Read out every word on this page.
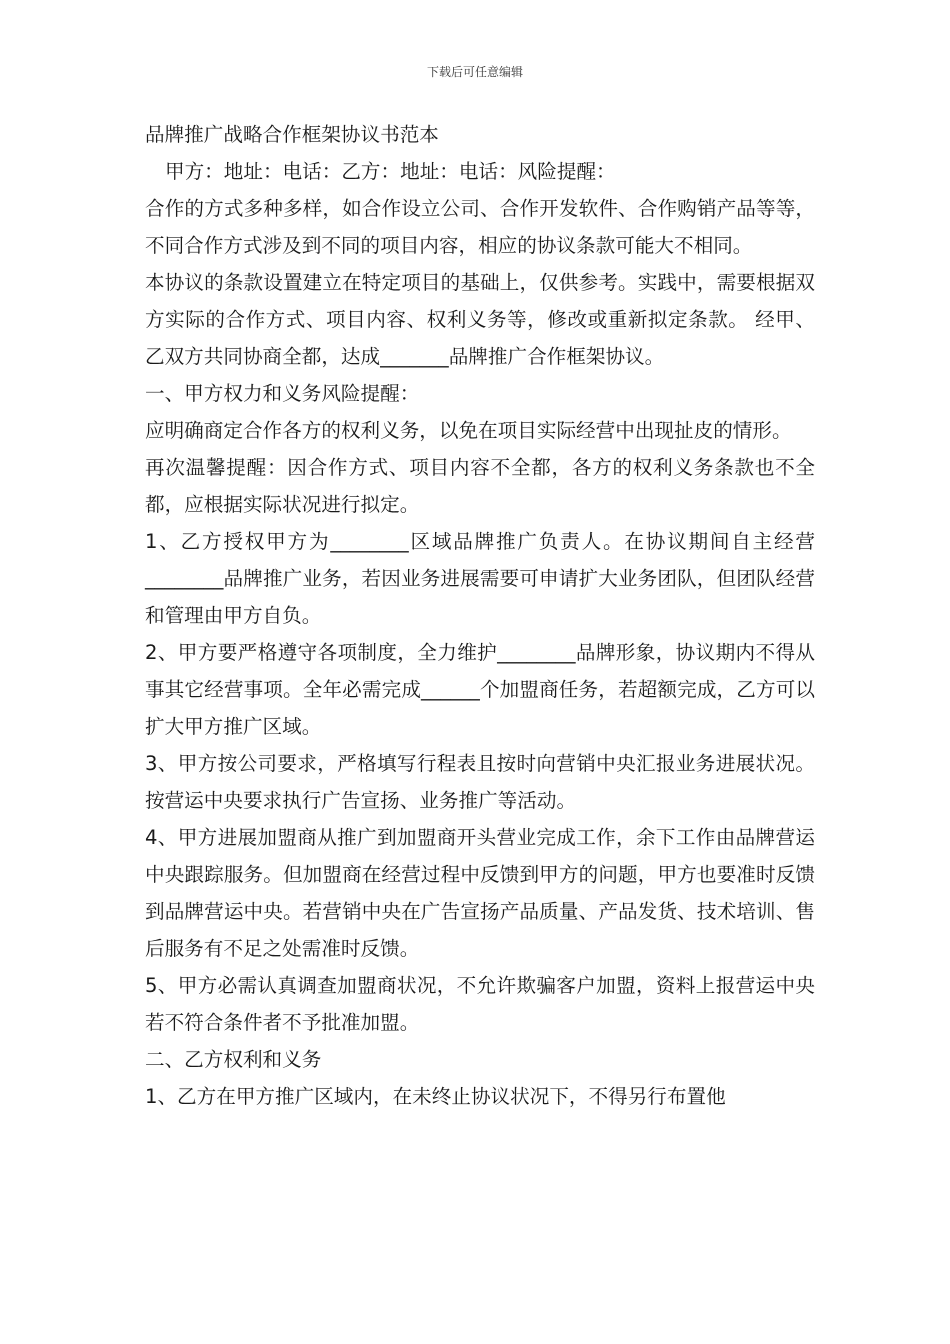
下载后可任意编辑

品牌推广战略合作框架协议书范本

甲方：地址：电话：乙方：地址：电话：风险提醒：

合作的方式多种多样，如合作设立公司、合作开发软件、合作购销产品等等，不同合作方式涉及到不同的项目内容，相应的协议条款可能大不相同。

本协议的条款设置建立在特定项目的基础上，仅供参考。实践中，需要根据双方实际的合作方式、项目内容、权利义务等，修改或重新拟定条款。 经甲、乙双方共同协商全都，达成_______品牌推广合作框架协议。

一、甲方权力和义务风险提醒：

应明确商定合作各方的权利义务，以免在项目实际经营中出现扯皮的情形。

再次温馨提醒：因合作方式、项目内容不全都，各方的权利义务条款也不全都，应根据实际状况进行拟定。

1、乙方授权甲方为________区域品牌推广负责人。在协议期间自主经营________品牌推广业务，若因业务进展需要可申请扩大业务团队，但团队经营和管理由甲方自负。

2、甲方要严格遵守各项制度，全力维护________品牌形象，协议期内不得从事其它经营事项。全年必需完成______个加盟商任务，若超额完成，乙方可以扩大甲方推广区域。

3、甲方按公司要求，严格填写行程表且按时向营销中央汇报业务进展状况。按营运中央要求执行广告宣扬、业务推广等活动。

4、甲方进展加盟商从推广到加盟商开头营业完成工作，余下工作由品牌营运中央跟踪服务。但加盟商在经营过程中反馈到甲方的问题，甲方也要准时反馈到品牌营运中央。若营销中央在广告宣扬产品质量、产品发货、技术培训、售后服务有不足之处需准时反馈。

5、甲方必需认真调查加盟商状况，不允许欺骗客户加盟，资料上报营运中央若不符合条件者不予批准加盟。

二、乙方权利和义务

1、乙方在甲方推广区域内，在未终止协议状况下，不得另行布置他
